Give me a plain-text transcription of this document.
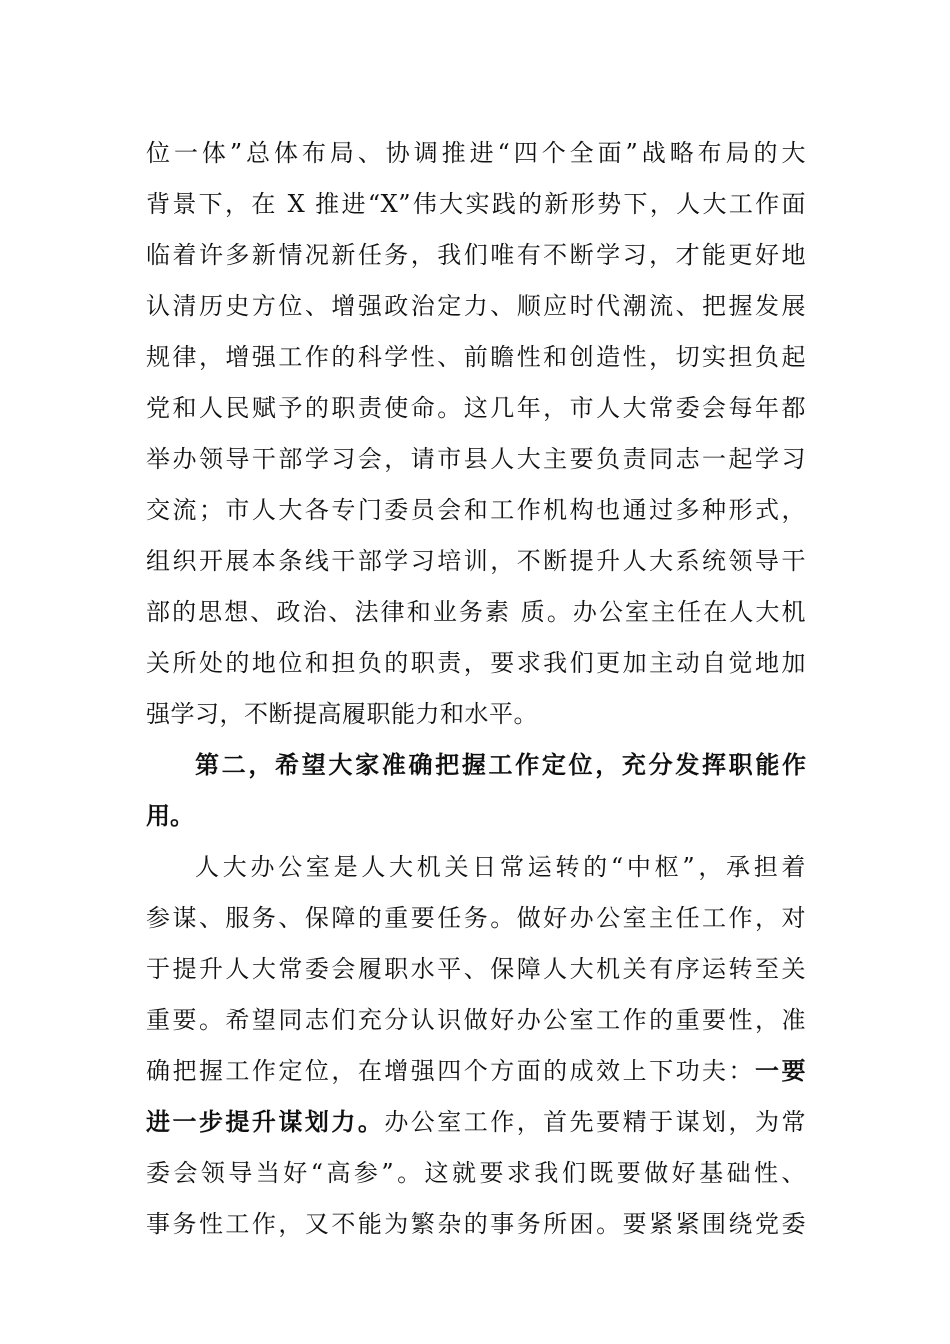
位一体”总体布局、协调推进“四个全面”战略布局的大
背景下，在 X 推进“X”伟大实践的新形势下，人大工作面
临着许多新情况新任务，我们唯有不断学习，才能更好地
认清历史方位、增强政治定力、顺应时代潮流、把握发展
规律，增强工作的科学性、前瞻性和创造性，切实担负起
党和人民赋予的职责使命。这几年，市人大常委会每年都
举办领导干部学习会，请市县人大主要负责同志一起学习
交流；市人大各专门委员会和工作机构也通过多种形式，
组织开展本条线干部学习培训，不断提升人大系统领导干
部的思想、政治、法律和业务素 质。办公室主任在人大机
关所处的地位和担负的职责，要求我们更加主动自觉地加
强学习，不断提高履职能力和水平。
第二，希望大家准确把握工作定位，充分发挥职能作
用。
人大办公室是人大机关日常运转的“中枢”，承担着
参谋、服务、保障的重要任务。做好办公室主任工作，对
于提升人大常委会履职水平、保障人大机关有序运转至关
重要。希望同志们充分认识做好办公室工作的重要性，准
确把握工作定位，在增强四个方面的成效上下功夫：一要
进一步提升谋划力。办公室工作，首先要精于谋划，为常
委会领导当好“高参”。这就要求我们既要做好基础性、
事务性工作，又不能为繁杂的事务所困。要紧紧围绕党委
